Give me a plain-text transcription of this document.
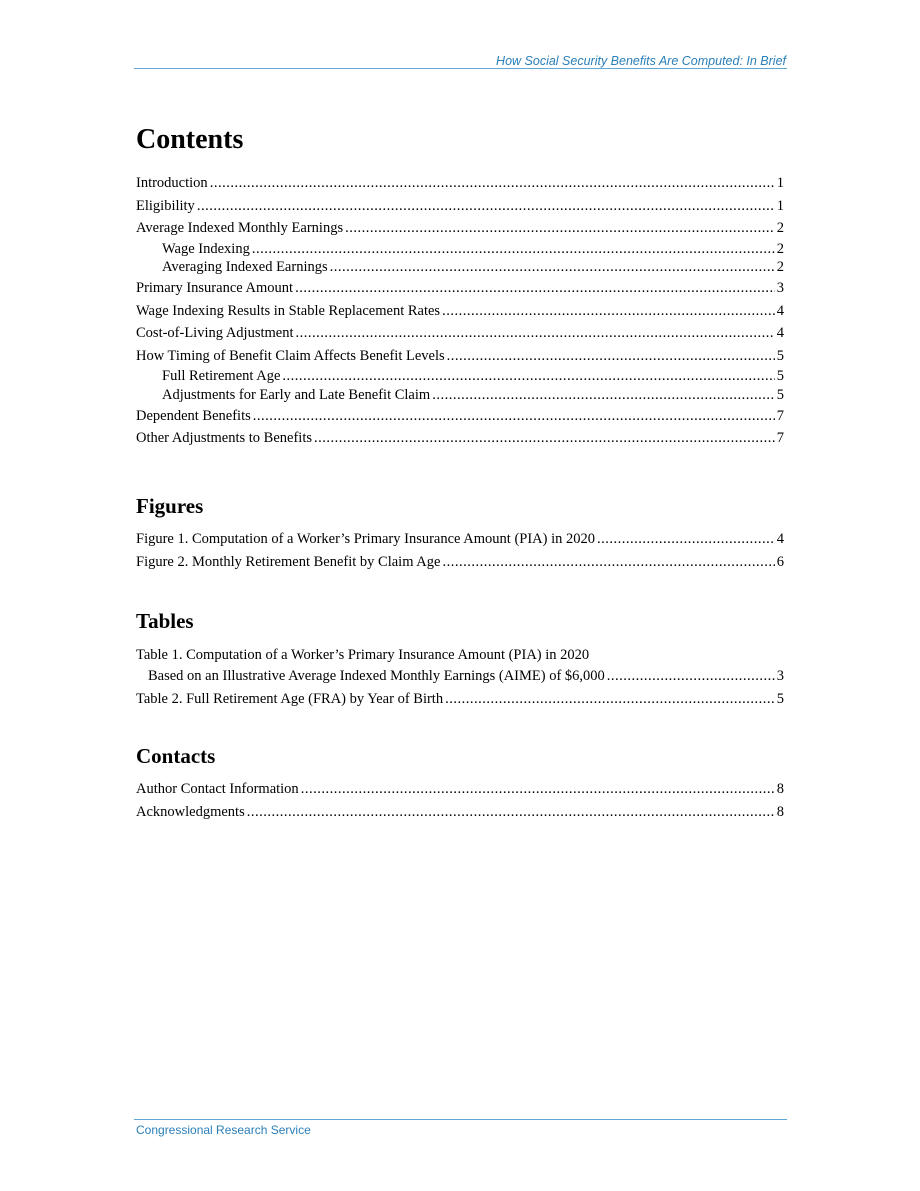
How Social Security Benefits Are Computed: In Brief
Contents
Introduction .....	1
Eligibility .....	1
Average Indexed Monthly Earnings .....	2
Wage Indexing .....	2
Averaging Indexed Earnings .....	2
Primary Insurance Amount .....	3
Wage Indexing Results in Stable Replacement Rates .....	4
Cost-of-Living Adjustment .....	4
How Timing of Benefit Claim Affects Benefit Levels .....	5
Full Retirement Age .....	5
Adjustments for Early and Late Benefit Claim .....	5
Dependent Benefits .....	7
Other Adjustments to Benefits .....	7
Figures
Figure 1. Computation of a Worker’s Primary Insurance Amount (PIA) in 2020 .....	4
Figure 2. Monthly Retirement Benefit by Claim Age .....	6
Tables
Table 1. Computation of a Worker’s Primary Insurance Amount (PIA) in 2020
Based on an Illustrative Average Indexed Monthly Earnings (AIME) of $6,000 .....	3
Table 2. Full Retirement Age (FRA) by Year of Birth .....	5
Contacts
Author Contact Information .....	8
Acknowledgments .....	8
Congressional Research Service
